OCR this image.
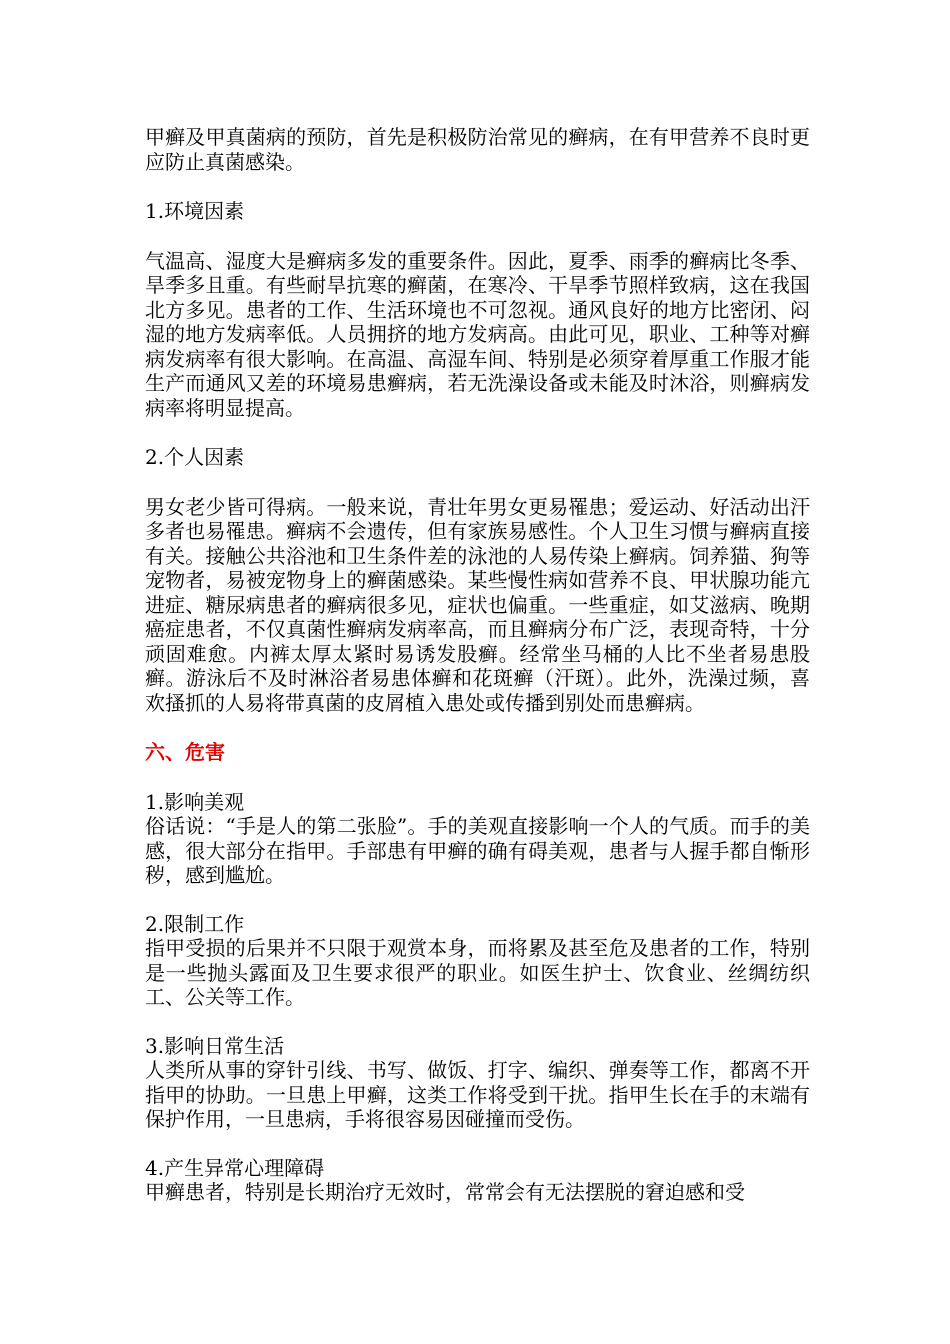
甲癣及甲真菌病的预防，首先是积极防治常见的癣病，在有甲营养不良时更应防止真菌感染。

1.环境因素

气温高、湿度大是癣病多发的重要条件。因此，夏季、雨季的癣病比冬季、旱季多且重。有些耐旱抗寒的癣菌，在寒冷、干旱季节照样致病，这在我国北方多见。患者的工作、生活环境也不可忽视。通风良好的地方比密闭、闷湿的地方发病率低。人员拥挤的地方发病高。由此可见，职业、工种等对癣病发病率有很大影响。在高温、高湿车间、特别是必须穿着厚重工作服才能生产而通风又差的环境易患癣病，若无洗澡设备或未能及时沐浴，则癣病发病率将明显提高。

2.个人因素

男女老少皆可得病。一般来说，青壮年男女更易罹患；爱运动、好活动出汗多者也易罹患。癣病不会遗传，但有家族易感性。个人卫生习惯与癣病直接有关。接触公共浴池和卫生条件差的泳池的人易传染上癣病。饲养猫、狗等宠物者，易被宠物身上的癣菌感染。某些慢性病如营养不良、甲状腺功能亢进症、糖尿病患者的癣病很多见，症状也偏重。一些重症，如艾滋病、晚期癌症患者，不仅真菌性癣病发病率高，而且癣病分布广泛，表现奇特，十分顽固难愈。内裤太厚太紧时易诱发股癣。经常坐马桶的人比不坐者易患股癣。游泳后不及时淋浴者易患体癣和花斑癣（汗斑）。此外，洗澡过频，喜欢搔抓的人易将带真菌的皮屑植入患处或传播到别处而患癣病。

六、危害

1.影响美观

俗话说：“手是人的第二张脸”。手的美观直接影响一个人的气质。而手的美感，很大部分在指甲。手部患有甲癣的确有碍美观，患者与人握手都自惭形秽，感到尴尬。

2.限制工作

指甲受损的后果并不只限于观赏本身，而将累及甚至危及患者的工作，特别是一些抛头露面及卫生要求很严的职业。如医生护士、饮食业、丝绸纺织工、公关等工作。

3.影响日常生活

人类所从事的穿针引线、书写、做饭、打字、编织、弹奏等工作，都离不开指甲的协助。一旦患上甲癣，这类工作将受到干扰。指甲生长在手的末端有保护作用，一旦患病，手将很容易因碰撞而受伤。

4.产生异常心理障碍

甲癣患者，特别是长期治疗无效时，常常会有无法摆脱的窘迫感和受
